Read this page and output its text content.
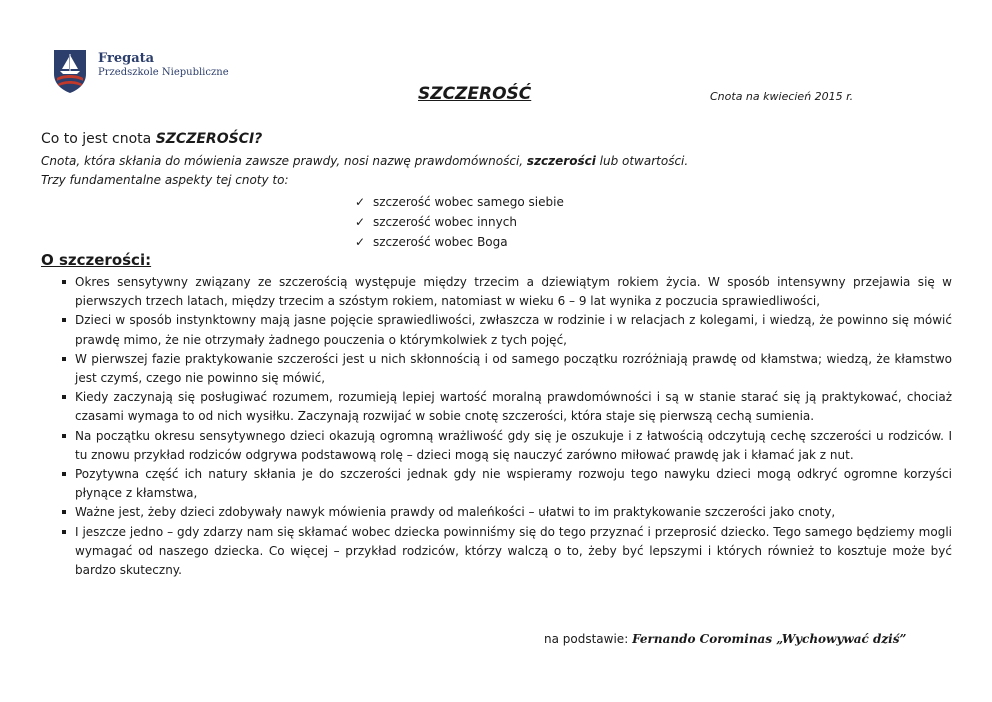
Fregata
Przedszkole Niepubliczne
SZCZEROŚĆ	Cnota na kwiecień 2015 r.
Co to jest cnota SZCZEROŚCI?
Cnota, która skłania do mówienia zawsze prawdy, nosi nazwę prawdomówności, szczerości lub otwartości.
Trzy fundamentalne aspekty tej cnoty to:
✓ szczerość wobec samego siebie
✓ szczerość wobec innych
✓ szczerość wobec Boga
O szczerości:
Okres sensytywny związany ze szczerością występuje między trzecim a dziewiątym rokiem życia. W sposób intensywny przejawia się w pierwszych trzech latach, między trzecim a szóstym rokiem, natomiast w wieku 6 – 9 lat wynika z poczucia sprawiedliwości,
Dzieci w sposób instynktowny mają jasne pojęcie sprawiedliwości, zwłaszcza w rodzinie i w relacjach z kolegami, i wiedzą, że powinno się mówić prawdę mimo, że nie otrzymały żadnego pouczenia o którymkolwiek z tych pojęć,
W pierwszej fazie praktykowanie szczerości jest u nich skłonnością i od samego początku rozróżniają prawdę od kłamstwa; wiedzą, że kłamstwo jest czymś, czego nie powinno się mówić,
Kiedy zaczynają się posługiwać rozumem, rozumieją lepiej wartość moralną prawdomówności i są w stanie starać się ją praktykować, chociaż czasami wymaga to od nich wysiłku. Zaczynają rozwijać w sobie cnotę szczerości, która staje się pierwszą cechą sumienia.
Na początku okresu sensytywnego dzieci okazują ogromną wrażliwość gdy się je oszukuje i z łatwością odczytują cechę szczerości u rodziców. I tu znowu przykład rodziców odgrywa podstawową rolę – dzieci mogą się nauczyć zarówno miłować prawdę jak i kłamać jak z nut.
Pozytywna część ich natury skłania je do szczerości jednak gdy nie wspieramy rozwoju tego nawyku dzieci mogą odkryć ogromne korzyści płynące z kłamstwa,
Ważne jest, żeby dzieci zdobywały nawyk mówienia prawdy od maleńkości – ułatwi to im praktykowanie szczerości jako cnoty,
I jeszcze jedno – gdy zdarzy nam się skłamać wobec dziecka powinniśmy się do tego przyznać i przeprosić dziecko. Tego samego będziemy mogli wymagać od naszego dziecka. Co więcej – przykład rodziców, którzy walczą o to, żeby być lepszymi i których również to kosztuje może być bardzo skuteczny.
na podstawie: Fernando Corominas „Wychowywać dziś”
